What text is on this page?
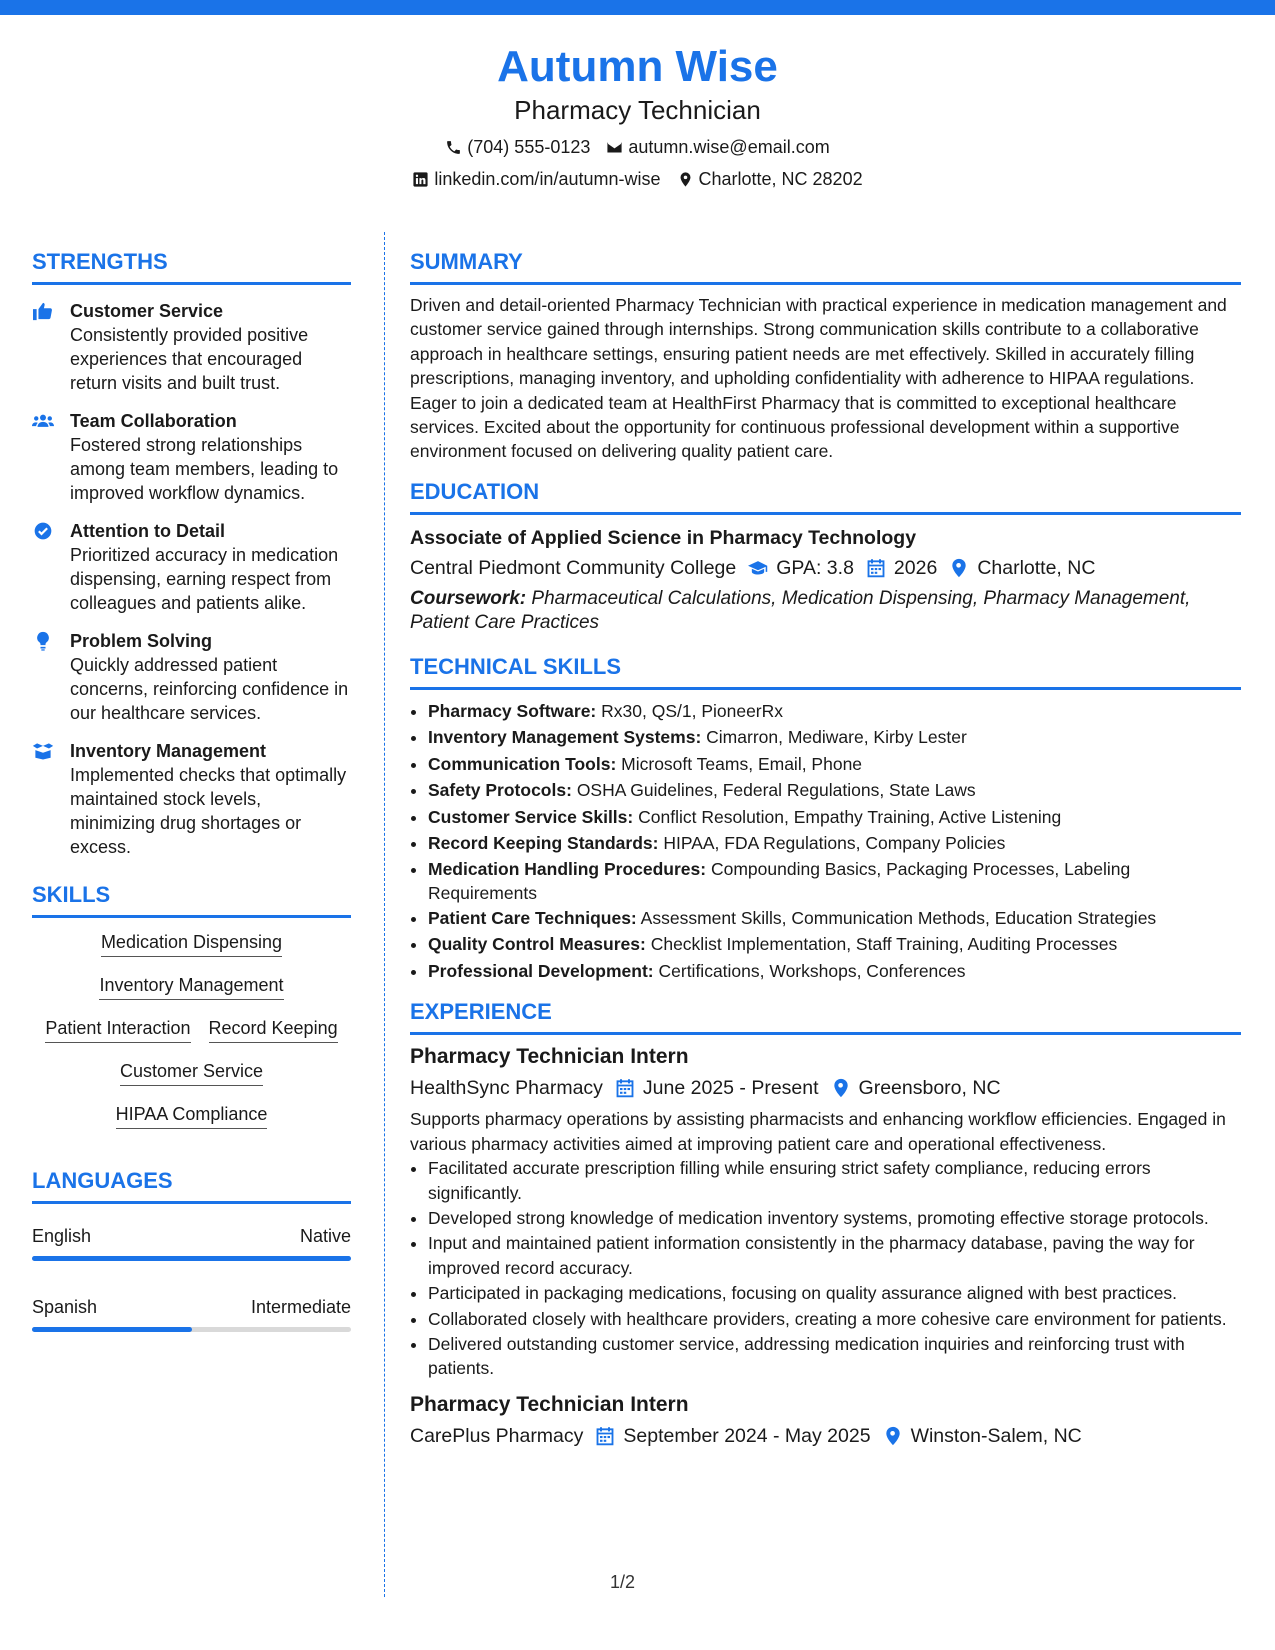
Autumn Wise
Pharmacy Technician
(704) 555-0123 autumn.wise@email.com
linkedin.com/in/autumn-wise Charlotte, NC 28202
STRENGTHS
Customer Service
Consistently provided positive experiences that encouraged return visits and built trust.
Team Collaboration
Fostered strong relationships among team members, leading to improved workflow dynamics.
Attention to Detail
Prioritized accuracy in medication dispensing, earning respect from colleagues and patients alike.
Problem Solving
Quickly addressed patient concerns, reinforcing confidence in our healthcare services.
Inventory Management
Implemented checks that optimally maintained stock levels, minimizing drug shortages or excess.
SKILLS
Medication Dispensing
Inventory Management
Patient Interaction Record Keeping
Customer Service
HIPAA Compliance
LANGUAGES
English	Native
Spanish	Intermediate
SUMMARY
Driven and detail-oriented Pharmacy Technician with practical experience in medication management and customer service gained through internships. Strong communication skills contribute to a collaborative approach in healthcare settings, ensuring patient needs are met effectively. Skilled in accurately filling prescriptions, managing inventory, and upholding confidentiality with adherence to HIPAA regulations. Eager to join a dedicated team at HealthFirst Pharmacy that is committed to exceptional healthcare services. Excited about the opportunity for continuous professional development within a supportive environment focused on delivering quality patient care.
EDUCATION
Associate of Applied Science in Pharmacy Technology
Central Piedmont Community College GPA: 3.8 2026 Charlotte, NC
Coursework: Pharmaceutical Calculations, Medication Dispensing, Pharmacy Management, Patient Care Practices
TECHNICAL SKILLS
• Pharmacy Software: Rx30, QS/1, PioneerRx
• Inventory Management Systems: Cimarron, Mediware, Kirby Lester
• Communication Tools: Microsoft Teams, Email, Phone
• Safety Protocols: OSHA Guidelines, Federal Regulations, State Laws
• Customer Service Skills: Conflict Resolution, Empathy Training, Active Listening
• Record Keeping Standards: HIPAA, FDA Regulations, Company Policies
• Medication Handling Procedures: Compounding Basics, Packaging Processes, Labeling Requirements
• Patient Care Techniques: Assessment Skills, Communication Methods, Education Strategies
• Quality Control Measures: Checklist Implementation, Staff Training, Auditing Processes
• Professional Development: Certifications, Workshops, Conferences
EXPERIENCE
Pharmacy Technician Intern
HealthSync Pharmacy June 2025 - Present Greensboro, NC
Supports pharmacy operations by assisting pharmacists and enhancing workflow efficiencies. Engaged in various pharmacy activities aimed at improving patient care and operational effectiveness.
• Facilitated accurate prescription filling while ensuring strict safety compliance, reducing errors significantly.
• Developed strong knowledge of medication inventory systems, promoting effective storage protocols.
• Input and maintained patient information consistently in the pharmacy database, paving the way for improved record accuracy.
• Participated in packaging medications, focusing on quality assurance aligned with best practices.
• Collaborated closely with healthcare providers, creating a more cohesive care environment for patients.
• Delivered outstanding customer service, addressing medication inquiries and reinforcing trust with patients.
Pharmacy Technician Intern
CarePlus Pharmacy September 2024 - May 2025 Winston-Salem, NC
1/2
